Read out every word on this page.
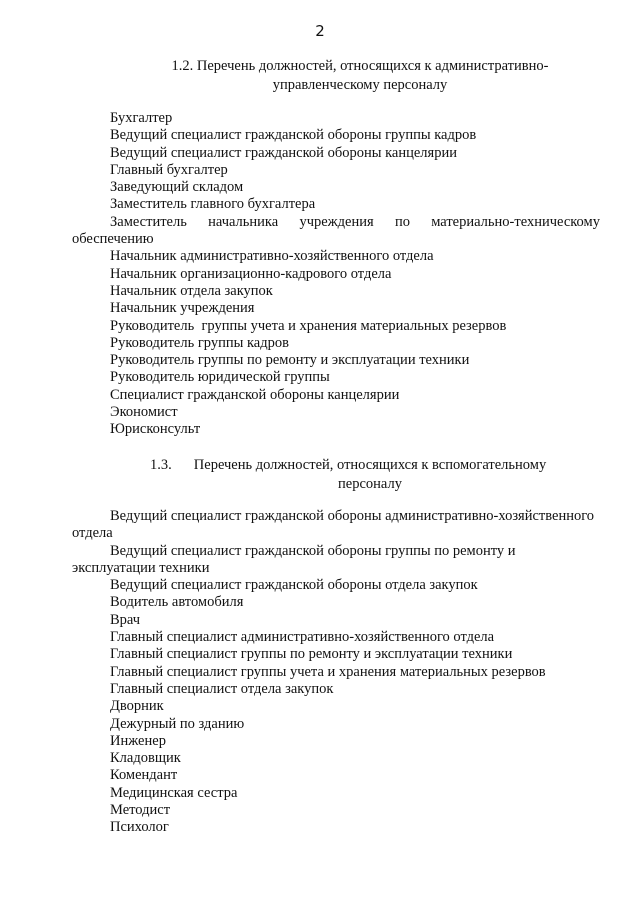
2
1.2. Перечень должностей, относящихся к административно-
управленческому персоналу
Бухгалтер
Ведущий специалист гражданской обороны группы кадров
Ведущий специалист гражданской обороны канцелярии
Главный бухгалтер
Заведующий складом
Заместитель главного бухгалтера
Заместитель начальника учреждения по материально-техническому
обеспечению
Начальник административно-хозяйственного отдела
Начальник организационно-кадрового отдела
Начальник отдела закупок
Начальник учреждения
Руководитель  группы учета и хранения материальных резервов
Руководитель группы кадров
Руководитель группы по ремонту и эксплуатации техники
Руководитель юридической группы
Специалист гражданской обороны канцелярии
Экономист
Юрисконсульт
1.3. Перечень должностей, относящихся к вспомогательному
персоналу
Ведущий специалист гражданской обороны административно-хозяйственного отдела
Ведущий специалист гражданской обороны группы по ремонту и эксплуатации техники
Ведущий специалист гражданской обороны отдела закупок
Водитель автомобиля
Врач
Главный специалист административно-хозяйственного отдела
Главный специалист группы по ремонту и эксплуатации техники
Главный специалист группы учета и хранения материальных резервов
Главный специалист отдела закупок
Дворник
Дежурный по зданию
Инженер
Кладовщик
Комендант
Медицинская сестра
Методист
Психолог
